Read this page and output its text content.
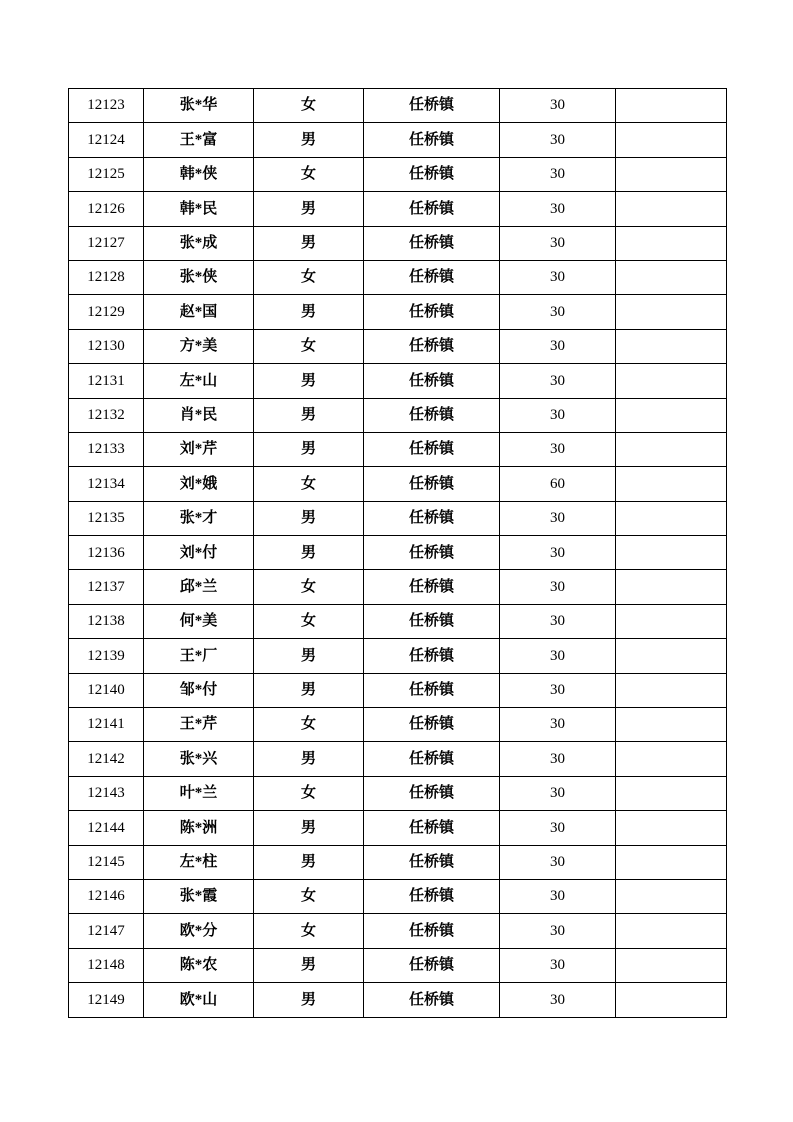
12123	张*华	女	任桥镇	30	
12124	王*富	男	任桥镇	30	
12125	韩*侠	女	任桥镇	30	
12126	韩*民	男	任桥镇	30	
12127	张*成	男	任桥镇	30	
12128	张*侠	女	任桥镇	30	
12129	赵*国	男	任桥镇	30	
12130	方*美	女	任桥镇	30	
12131	左*山	男	任桥镇	30	
12132	肖*民	男	任桥镇	30	
12133	刘*芹	男	任桥镇	30	
12134	刘*娥	女	任桥镇	60	
12135	张*才	男	任桥镇	30	
12136	刘*付	男	任桥镇	30	
12137	邱*兰	女	任桥镇	30	
12138	何*美	女	任桥镇	30	
12139	王*厂	男	任桥镇	30	
12140	邹*付	男	任桥镇	30	
12141	王*芹	女	任桥镇	30	
12142	张*兴	男	任桥镇	30	
12143	叶*兰	女	任桥镇	30	
12144	陈*洲	男	任桥镇	30	
12145	左*柱	男	任桥镇	30	
12146	张*霞	女	任桥镇	30	
12147	欧*分	女	任桥镇	30	
12148	陈*农	男	任桥镇	30	
12149	欧*山	男	任桥镇	30	
